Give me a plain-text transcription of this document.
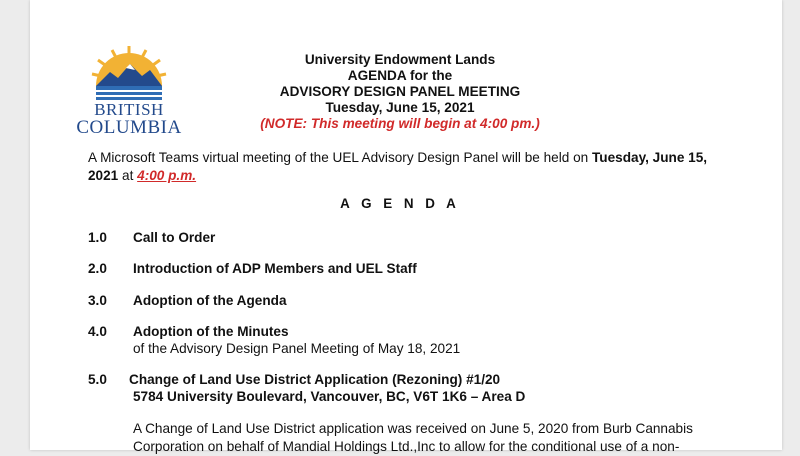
BRITISH
COLUMBIA
University Endowment Lands
AGENDA for the
ADVISORY DESIGN PANEL MEETING
Tuesday, June 15, 2021
(NOTE: This meeting will begin at 4:00 pm.)
A Microsoft Teams virtual meeting of the UEL Advisory Design Panel will be held on Tuesday, June 15, 2021 at 4:00 p.m.
A G E N D A
1.0 Call to Order
2.0 Introduction of ADP Members and UEL Staff
3.0 Adoption of the Agenda
4.0 Adoption of the Minutes
of the Advisory Design Panel Meeting of May 18, 2021
5.0 Change of Land Use District Application (Rezoning) #1/20
5784 University Boulevard, Vancouver, BC, V6T 1K6 – Area D
A Change of Land Use District application was received on June 5, 2020 from Burb Cannabis Corporation on behalf of Mandial Holdings Ltd.,Inc to allow for the conditional use of a non-
